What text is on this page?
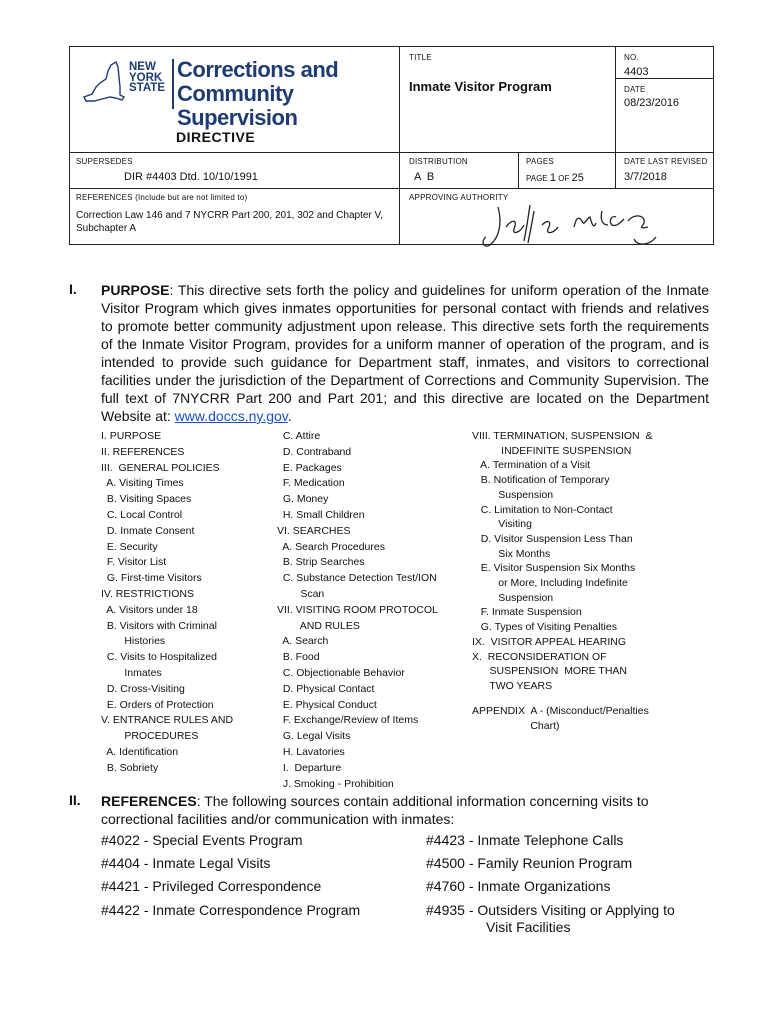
NEW
YORK
STATE
Corrections and
Community Supervision
DIRECTIVE
TITLE
Inmate Visitor Program
NO.
4403
DATE
08/23/2016
SUPERSEDES
DIR #4403 Dtd. 10/10/1991
DISTRIBUTION
A  B
PAGES
PAGE 1 OF 25
DATE LAST REVISED
3/7/2018
REFERENCES (Include but are not limited to)
Correction Law 146 and 7 NYCRR Part 200, 201, 302 and Chapter V,
Subchapter A
APPROVING AUTHORITY
I. PURPOSE: This directive sets forth the policy and guidelines for uniform operation of the Inmate Visitor Program which gives inmates opportunities for personal contact with friends and relatives to promote better community adjustment upon release. This directive sets forth the requirements of the Inmate Visitor Program, provides for a uniform manner of operation of the program, and is intended to provide such guidance for Department staff, inmates, and visitors to correctional facilities under the jurisdiction of the Department of Corrections and Community Supervision. The full text of 7NYCRR Part 200 and Part 201; and this directive are located on the Department Website at: www.doccs.ny.gov.
I. PURPOSE
II. REFERENCES
III.  GENERAL POLICIES
A. Visiting Times
B. Visiting Spaces
C. Local Control
D. Inmate Consent
E. Security
F. Visitor List
G. First-time Visitors
IV. RESTRICTIONS
A. Visitors under 18
B. Visitors with Criminal
Histories
C. Visits to Hospitalized
Inmates
D. Cross-Visiting
E. Orders of Protection
V. ENTRANCE RULES AND
PROCEDURES
A. Identification
B. Sobriety
C. Attire
D. Contraband
E. Packages
F. Medication
G. Money
H. Small Children
VI. SEARCHES
A. Search Procedures
B. Strip Searches
C. Substance Detection Test/ION
Scan
VII. VISITING ROOM PROTOCOL
AND RULES
A. Search
B. Food
C. Objectionable Behavior
D. Physical Contact
E. Physical Conduct
F. Exchange/Review of Items
G. Legal Visits
H. Lavatories
I.  Departure
J. Smoking - Prohibition
VIII. TERMINATION, SUSPENSION  &
INDEFINITE SUSPENSION
A. Termination of a Visit
B. Notification of Temporary
Suspension
C. Limitation to Non-Contact
Visiting
D. Visitor Suspension Less Than
Six Months
E. Visitor Suspension Six Months
or More, Including Indefinite
Suspension
F. Inmate Suspension
G. Types of Visiting Penalties
IX.  VISITOR APPEAL HEARING
X.  RECONSIDERATION OF
SUSPENSION  MORE THAN
TWO YEARS
APPENDIX  A - (Misconduct/Penalties
Chart)
II. REFERENCES: The following sources contain additional information concerning visits to correctional facilities and/or communication with inmates:
#4022 - Special Events Program
#4404 - Inmate Legal Visits
#4421 - Privileged Correspondence
#4422 - Inmate Correspondence Program
#4423 - Inmate Telephone Calls
#4500 - Family Reunion Program
#4760 - Inmate Organizations
#4935 - Outsiders Visiting or Applying to
Visit Facilities
